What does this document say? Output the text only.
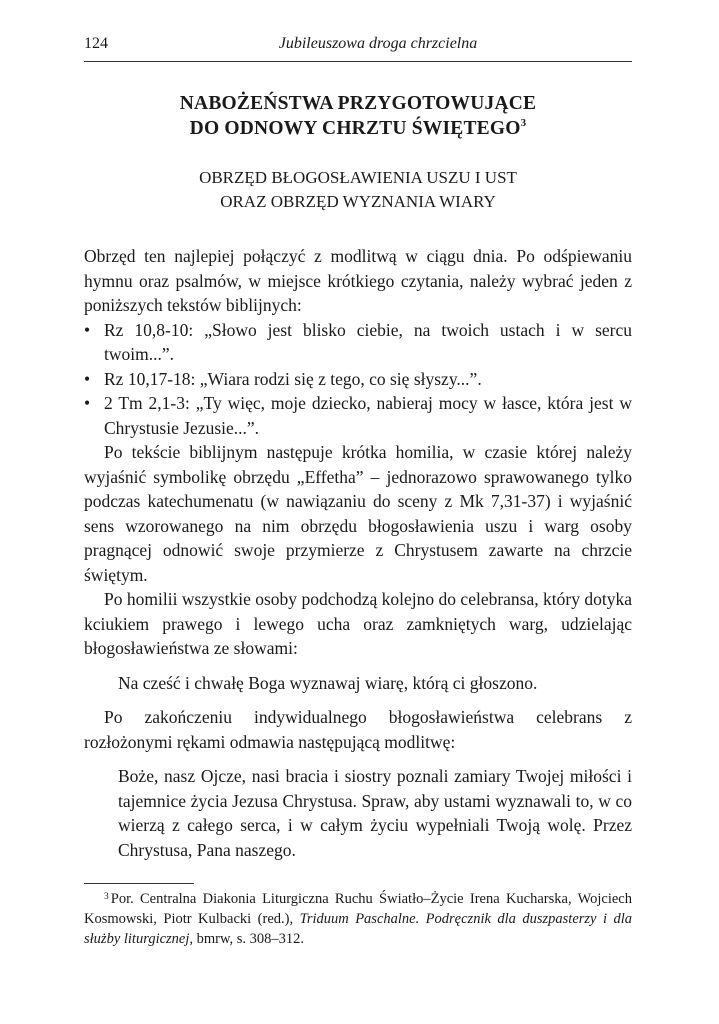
124	Jubileuszowa droga chrzcielna
NABOŻEŃSTWA PRZYGOTOWUJĄCE
DO ODNOWY CHRZTU ŚWIĘTEGO$^3$
OBRZĘD BŁOGOSŁAWIENIA USZU I UST
ORAZ OBRZĘD WYZNANIA WIARY

Obrzęd ten najlepiej połączyć z modlitwą w ciągu dnia. Po odśpiewaniu hymnu oraz psalmów, w miejsce krótkiego czytania, należy wybrać jeden z poniższych tekstów biblijnych:

• Rz 10,8-10: „Słowo jest blisko ciebie, na twoich ustach i w sercu twoim...”.
• Rz 10,17-18: „Wiara rodzi się z tego, co się słyszy...”.
• 2 Tm 2,1-3: „Ty więc, moje dziecko, nabieraj mocy w łasce, która jest w Chrystusie Jezusie...”.

Po tekście biblijnym następuje krótka homilia, w czasie której należy wyjaśnić symbolikę obrzędu „Effetha” – jednorazowo sprawowanego tylko podczas katechumenatu (w nawiązaniu do sceny z Mk 7,31-37) i wyjaśnić sens wzorowanego na nim obrzędu błogosławienia uszu i warg osoby pragnącej odnowić swoje przymierze z Chrystusem zawarte na chrzcie świętym.

Po homilii wszystkie osoby podchodzą kolejno do celebransa, który dotyka kciukiem prawego i lewego ucha oraz zamkniętych warg, udzielając błogosławieństwa ze słowami:

Na cześć i chwałę Boga wyznawaj wiarę, którą ci głoszono.

Po zakończeniu indywidualnego błogosławieństwa celebrans z rozłożonymi rękami odmawia następującą modlitwę:

Boże, nasz Ojcze, nasi bracia i siostry poznali zamiary Twojej miłości i tajemnice życia Jezusa Chrystusa. Spraw, aby ustami wyznawali to, w co wierzą z całego serca, i w całym życiu wypełniali Twoją wolę. Przez Chrystusa, Pana naszego.

$^3$ Por. Centralna Diakonia Liturgiczna Ruchu Światło–Życie Irena Kucharska, Wojciech Kosmowski, Piotr Kulbacki (red.), Triduum Paschalne. Podręcznik dla duszpasterzy i dla służby liturgicznej, bmrw, s. 308–312.
